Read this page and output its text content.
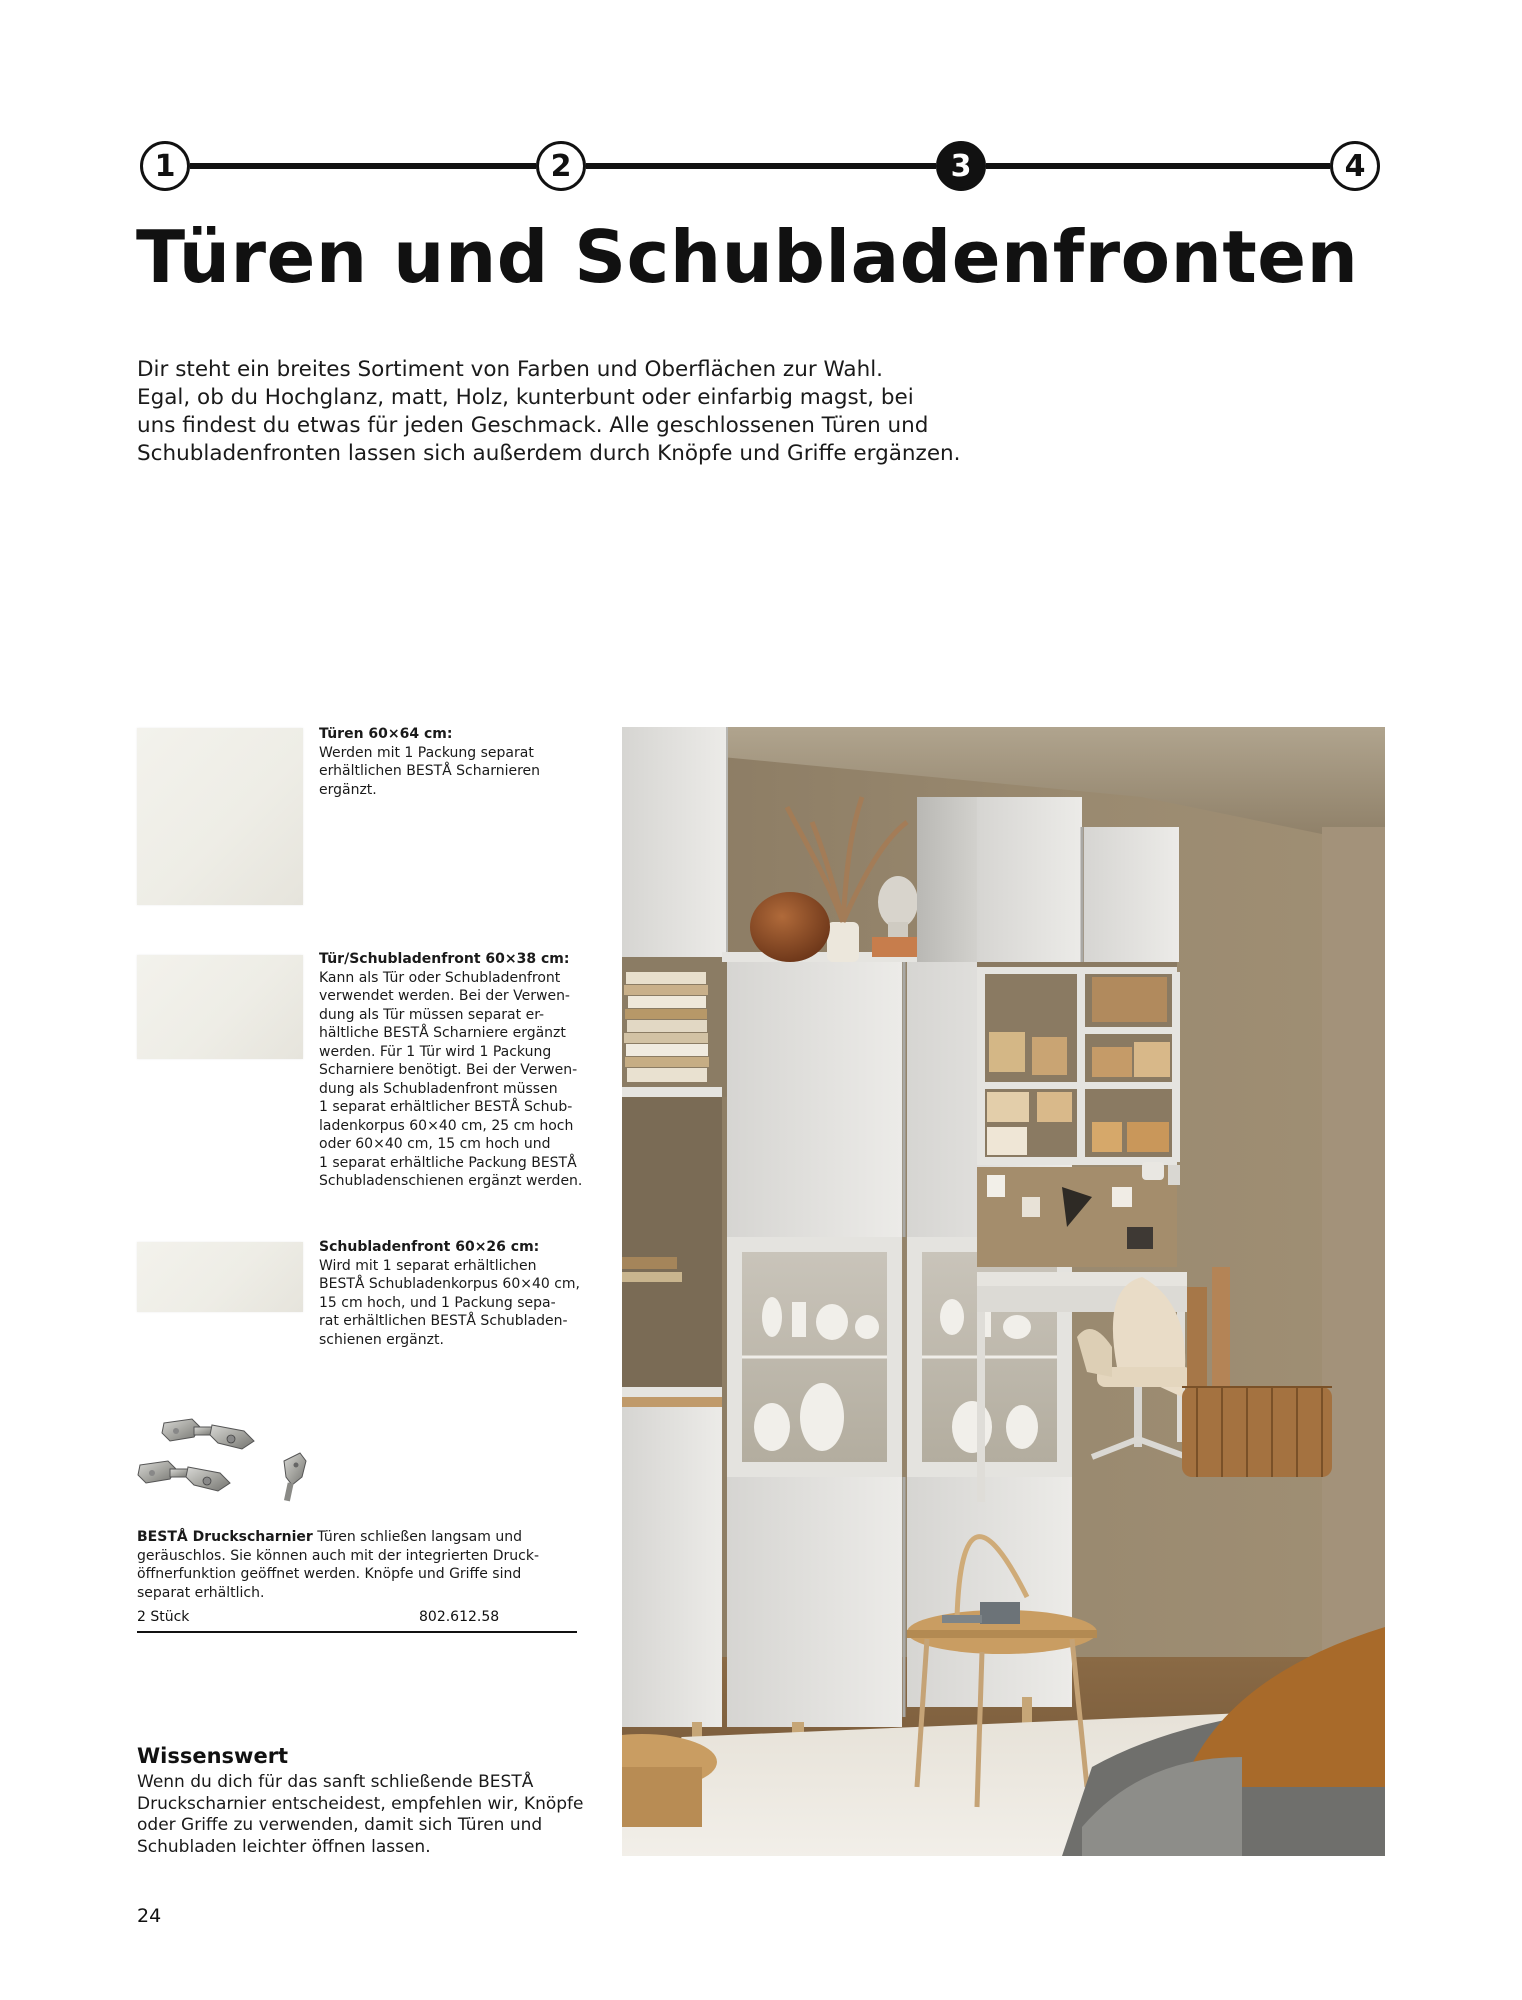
1	2	3	4
Türen und Schubladenfronten

Dir steht ein breites Sortiment von Farben und Oberflächen zur Wahl.

Egal, ob du Hochglanz, matt, Holz, kunterbunt oder einfarbig magst, bei

uns findest du etwas für jeden Geschmack. Alle geschlossenen Türen und

Schubladenfronten lassen sich außerdem durch Knöpfe und Griffe ergänzen.

Türen 60×64 cm:
Werden mit 1 Packung separat
erhältlichen BESTÅ Scharnieren
ergänzt.
Tür/Schubladenfront 60×38 cm:
Kann als Tür oder Schubladenfront
verwendet werden. Bei der Verwen-
dung als Tür müssen separat er-
hältliche BESTÅ Scharniere ergänzt
werden. Für 1 Tür wird 1 Packung
Scharniere benötigt. Bei der Verwen-
dung als Schubladenfront müssen
1 separat erhältlicher BESTÅ Schub-
ladenkorpus 60×40 cm, 25 cm hoch
oder 60×40 cm, 15 cm hoch und
1 separat erhältliche Packung BESTÅ
Schubladenschienen ergänzt werden.
Schubladenfront 60×26 cm:
Wird mit 1 separat erhältlichen
BESTÅ Schubladenkorpus 60×40 cm,
15 cm hoch, und 1 Packung sepa-
rat erhältlichen BESTÅ Schubladen-
schienen ergänzt.
BESTÅ Druckscharnier Türen schließen langsam und
geräuschlos. Sie können auch mit der integrierten Druck-
öffnerfunktion geöffnet werden. Knöpfe und Griffe sind
separat erhältlich.
2 Stück	802.612.58
Wissenswert
Wenn du dich für das sanft schließende BESTÅ
Druckscharnier entscheidest, empfehlen wir, Knöpfe
oder Griffe zu verwenden, damit sich Türen und
Schubladen leichter öffnen lassen.
24
